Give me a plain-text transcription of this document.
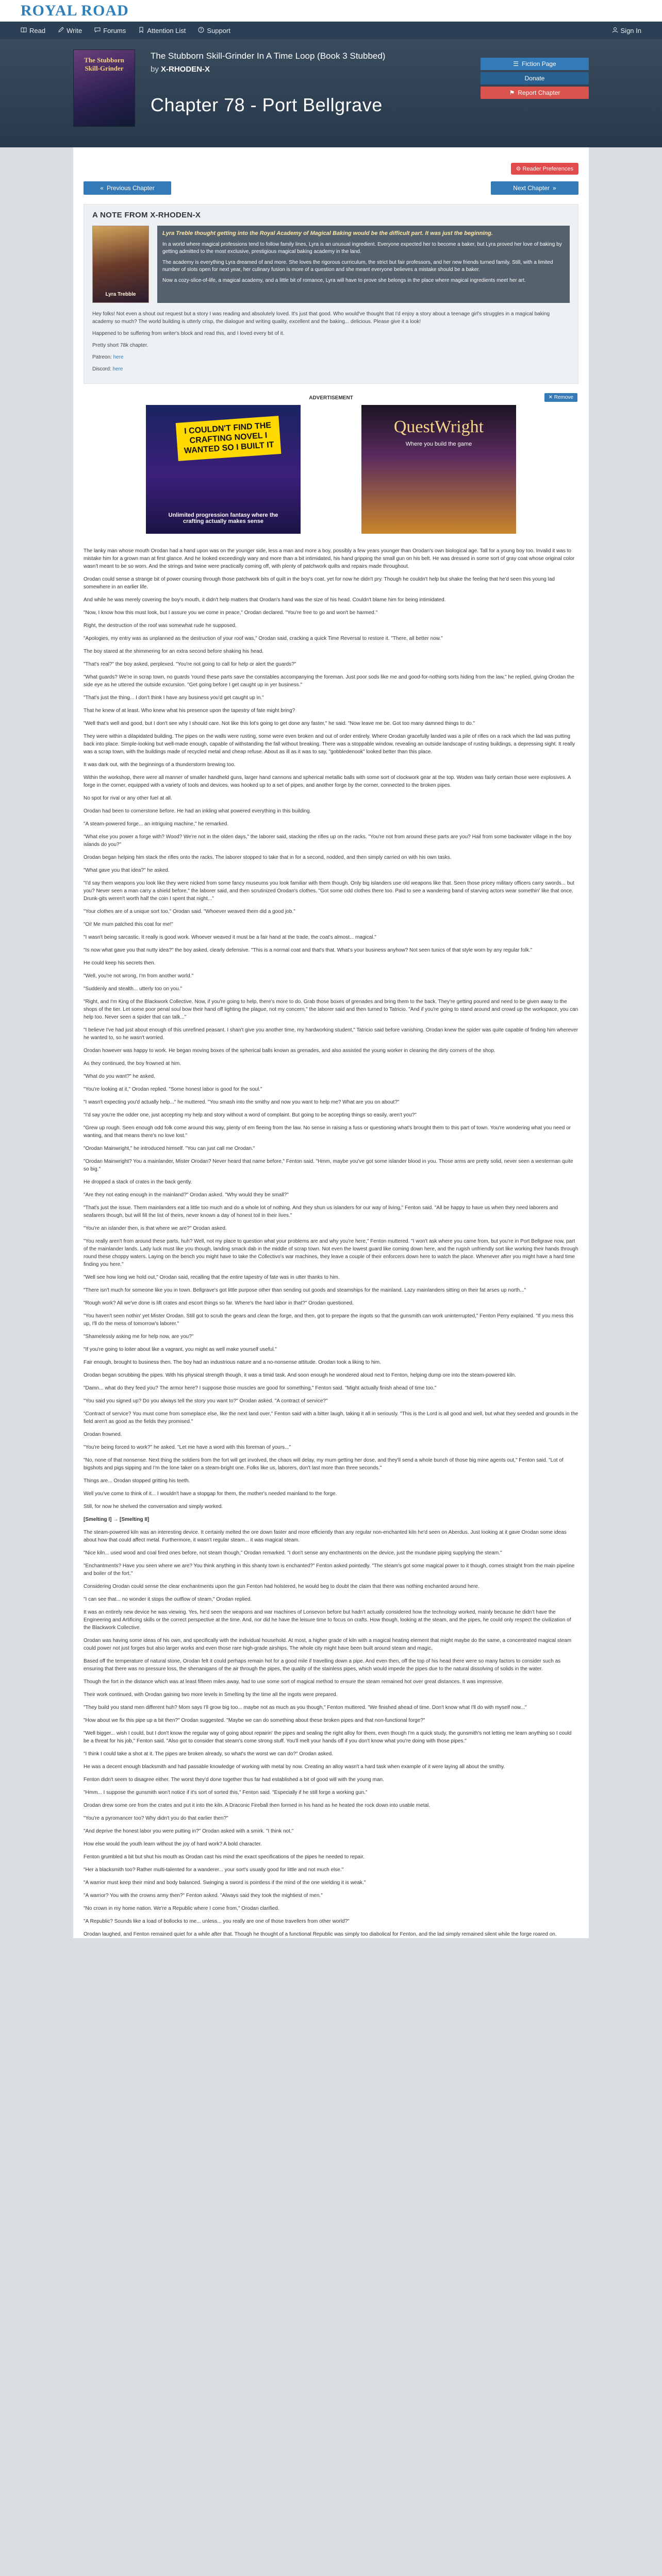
ROYAL ROAD
Read	Write	Forums	Attention List	? Support	Sign In
The Stubborn Skill-Grinder
The Stubborn Skill-Grinder In A Time Loop (Book 3 Stubbed)
by X-RHODEN-X
Chapter 78 - Port Bellgrave
☰ Fiction Page
Donate
⚑ Report Chapter
⚙ Reader Preferences
« Previous Chapter	Next Chapter »
A NOTE FROM X-RHODEN-X
Lyra Trebble

Lyra Treble thought getting into the Royal Academy of Magical Baking would be the difficult part. It was just the beginning.

In a world where magical professions tend to follow family lines, Lyra is an unusual ingredient. Everyone expected her to become a baker, but Lyra proved her love of baking by getting admitted to the most exclusive, prestigious magical baking academy in the land.

The academy is everything Lyra dreamed of and more. She loves the rigorous curriculum, the strict but fair professors, and her new friends turned family. Still, with a limited number of slots open for next year, her culinary fusion is more of a question and she meant everyone believes a mistake should be a baker.

Now a cozy-slice-of-life, a magical academy, and a little bit of romance, Lyra will have to prove she belongs in the place where magical ingredients meet her art.

Hey folks! Not even a shout out request but a story I was reading and absolutely loved. It's just that good. Who would've thought that I'd enjoy a story about a teenage girl's struggles in a magical baking academy so much? The world building is utterly crisp, the dialogue and writing quality, excellent and the baking... delicious. Please give it a look!

Happened to be suffering from writer's block and read this, and I loved every bit of it.

Pretty short 78k chapter.

Patreon: here

Discord: here

ADVERTISEMENT	✕ Remove
I COULDN'T FIND THE CRAFTING NOVEL I WANTED SO I BUILT IT
Unlimited progression fantasy where the crafting actually makes sense
QuestWright
Where you build the game

The lanky man whose mouth Orodan had a hand upon was on the younger side, less a man and more a boy, possibly a few years younger than Orodan's own biological age. Tall for a young boy too. Invalid it was to mistake him for a grown man at first glance. And he looked exceedingly wary and more than a bit intimidated, his hand gripping the small gun on his belt. He was dressed in some sort of gray coat whose original color wasn't meant to be so worn. And the strings and twine were practically coming off, with plenty of patchwork quilts and repairs made throughout.

Orodan could sense a strange bit of power coursing through those patchwork bits of quilt in the boy's coat, yet for now he didn't pry. Though he couldn't help but shake the feeling that he'd seen this young lad somewhere in an earlier life.

And while he was merely covering the boy's mouth, it didn't help matters that Orodan's hand was the size of his head. Couldn't blame him for being intimidated.

"Now, I know how this must look, but I assure you we come in peace," Orodan declared. "You're free to go and won't be harmed."

Right, the destruction of the roof was somewhat rude he supposed.

"Apologies, my entry was as unplanned as the destruction of your roof was," Orodan said, cracking a quick Time Reversal to restore it. "There, all better now."

The boy stared at the shimmering for an extra second before shaking his head.

"That's real?" the boy asked, perplexed. "You're not going to call for help or alert the guards?"

"What guards? We're in scrap town, no guards 'round these parts save the constables accompanying the foreman. Just poor sods like me and good-for-nothing sorts hiding from the law," he replied, giving Orodan the side eye as he uttered the outside excursion. "Get going before I get caught up in yer business."

"That's just the thing... I don't think I have any business you'd get caught up in."

That he knew of at least. Who knew what his presence upon the tapestry of fate might bring?

"Well that's well and good, but I don't see why I should care. Not like this lot's going to get done any faster," he said. "Now leave me be. Got too many damned things to do."

They were within a dilapidated building. The pipes on the walls were rusting, some were even broken and out of order entirely. Where Orodan gracefully landed was a pile of rifles on a rack which the lad was putting back into place. Simple-looking but well-made enough, capable of withstanding the fall without breaking. There was a stoppable window, revealing an outside landscape of rusting buildings, a depressing sight. It really was a scrap town, with the buildings made of recycled metal and cheap refuse. About as ill as it was to say, "gobbledenook" looked better than this place.

It was dark out, with the beginnings of a thunderstorm brewing too.

Within the workshop, there were all manner of smaller handheld guns, larger hand cannons and spherical metallic balls with some sort of clockwork gear at the top. Woden was fairly certain those were explosives. A forge in the corner, equipped with a variety of tools and devices, was hooked up to a set of pipes, and another forge by the corner, connected to the broken pipes.

No spot for rival or any other fuel at all.

Orodan had been to cornerstone before. He had an inkling what powered everything in this building.

"A steam-powered forge... an intriguing machine," he remarked.

"What else you power a forge with? Wood? We're not in the olden days," the laborer said, stacking the rifles up on the racks. "You're not from around these parts are you? Hail from some backwater village in the boy islands do you?"

Orodan began helping him stack the rifles onto the racks. The laborer stopped to take that in for a second, nodded, and then simply carried on with his own tasks.

"What gave you that idea?" he asked.

"I'd say them weapons you look like they were nicked from some fancy museums you look familiar with them though. Only big islanders use old weapons like that. Seen those pricey military officers carry swords... but you? Never seen a man carry a shield before," the laborer said, and then scrutinized Orodan's clothes. "Got some odd clothes there too. Paid to see a wandering band of starving actors wear somethin' like that once. Drunk-gits weren't worth half the coin I spent that night..."

"Your clothes are of a unique sort too," Orodan said. "Whoever weaved them did a good job."

"Oi! Me mum patched this coat for me!"

"I wasn't being sarcastic. It really is good work. Whoever weaved it must be a fair hand at the trade, the coat's almost... magical."

"Is now what gave you that nutty idea?" the boy asked, clearly defensive. "This is a normal coat and that's that. What's your business anyhow? Not seen tunics of that style worn by any regular folk."

He could keep his secrets then.

"Well, you're not wrong, I'm from another world."

"Suddenly and stealth... utterly too on you."

"Right, and I'm King of the Blackwork Collective. Now, if you're going to help, there's more to do. Grab those boxes of grenades and bring them to the back. They're getting poured and need to be given away to the shops of the tier. Let some poor penal soul bow their hand off lighting the plague, not my concern," the laborer said and then turned to Tatricio. "And if you're going to stand around and crowd up the workspace, you can help too. Never seen a spider that can talk..."

"I believe I've had just about enough of this unrefined peasant. I shan't give you another time, my hardworking student," Tatricio said before vanishing. Orodan knew the spider was quite capable of finding him wherever he wanted to, so he wasn't worried.

Orodan however was happy to work. He began moving boxes of the spherical balls known as grenades, and also assisted the young worker in cleaning the dirty corners of the shop.

As they continued, the boy frowned at him.

"What do you want?" he asked.

"You're looking at it," Orodan replied. "Some honest labor is good for the soul."

"I wasn't expecting you'd actually help..." he muttered. "You smash into the smithy and now you want to help me? What are you on about?"

"I'd say you're the odder one, just accepting my help and story without a word of complaint. But going to be accepting things so easily, aren't you?"

"Grew up rough. Seen enough odd folk come around this way, plenty of em fleeing from the law. No sense in raising a fuss or questioning what's brought them to this part of town. You're wondering what you need or wanting, and that means there's no love lost."

"Orodan Mainwright," he introduced himself. "You can just call me Orodan."

"Orodan Mainwright? You a mainlander, Mister Orodan? Never heard that name before," Fenton said. "Hmm, maybe you've got some islander blood in you. Those arms are pretty solid, never seen a westerman quite so big."

He dropped a stack of crates in the back gently.

"Are they not eating enough in the mainland?" Orodan asked. "Why would they be small?"

"That's just the issue. Them mainlanders eat a little too much and do a whole lot of nothing. And they shun us islanders for our way of living," Fenton said. "All be happy to have us when they need laborers and seafarers though, but will fill the list of theirs, never known a day of honest toil in their lives."

"You're an islander then, is that where we are?" Orodan asked.

"You really aren't from around these parts, huh? Well, not my place to question what your problems are and why you're here," Fenton muttered. "I won't ask where you came from, but you're in Port Bellgrave now, part of the mainlander lands. Lady luck must like you though, landing smack dab in the middle of scrap town. Not even the lowest guard like coming down here, and the rugish unfriendly sort like working their hands through round these choppy waters. Laying on the bench you might have to take the Collectivo's war machines, they leave a couple of their enforcers down here to watch the place. Whenever after you might have a hard time finding you here."

"Well see how long we hold out," Orodan said, recalling that the entire tapestry of fate was in utter thanks to him.

"There isn't much for someone like you in town. Bellgrave's got little purpose other than sending out goods and steamships for the mainland. Lazy mainlanders sitting on their fat arses up north..."

"Rough work? All we've done is lift crates and escort things so far. Where's the hard labor in that?" Orodan questioned.

"You haven't seen nothin' yet Mister Orodan. Still got to scrub the gears and clean the forge, and then, got to prepare the ingots so that the gunsmith can work uninterrupted," Fenton Perry explained. "If you mess this up, I'll do the mess of tomorrow's laborer."

"Shamelessly asking me for help now, are you?"

"If you're going to loiter about like a vagrant, you might as well make yourself useful."

Fair enough, brought to business then. The boy had an industrious nature and a no-nonsense attitude. Orodan took a liking to him.

Orodan began scrubbing the pipes. With his physical strength though, it was a timid task. And soon enough he wondered aloud next to Fenton, helping dump ore into the steam-powered kiln.

"Damn... what do they feed you? The armor here? I suppose those muscles are good for something," Fenton said. "Might actually finish ahead of time too."

"You said you signed up? Do you always tell the story you want to?" Orodan asked. "A contract of service?"

"Contract of service? You must come from someplace else, like the next land over," Fenton said with a bitter laugh, taking it all in seriously. "This is the Lord is all good and well, but what they seeded and grounds in the field aren't as good as the fields they promised."

Orodan frowned.

"You're being forced to work?" he asked. "Let me have a word with this foreman of yours..."

"No, none of that nonsense. Next thing the soldiers from the fort will get involved, the chaos will delay, my mum getting her dose, and they'll send a whole bunch of those big mine agents out," Fenton said. "Lot of bigshots and pigs sipping and I'm the lone taker on a steam-bright one. Folks like us, laborers, don't last more than three seconds."

Things are... Orodan stopped gritting his teeth.

Well you've come to think of it... I wouldn't have a stopgap for them, the mother's needed mainland to the forge.

Still, for now he shelved the conversation and simply worked.

[Smelting I] → [Smelting II]

The steam-powered kiln was an interesting device. It certainly melted the ore down faster and more efficiently than any regular non-enchanted kiln he'd seen on Aberdus. Just looking at it gave Orodan some ideas about how that could affect metal. Furthermore, it wasn't regular steam... it was magical steam.

"Nice kiln... used wood and coal fired ones before, not steam though," Orodan remarked. "I don't sense any enchantments on the device, just the mundane piping supplying the steam."

"Enchantments? Have you seen where we are? You think anything in this shanty town is enchanted?" Fenton asked pointedly. "The steam's got some magical power to it though, comes straight from the main pipeline and boiler of the fort."

Considering Orodan could sense the clear enchantments upon the gun Fenton had holstered, he would beg to doubt the claim that there was nothing enchanted around here.

"I can see that... no wonder it stops the outflow of steam," Orodan replied.

It was an entirely new device he was viewing. Yes, he'd seen the weapons and war machines of Lonsevon before but hadn't actually considered how the technology worked, mainly because he didn't have the Engineering and Artificing skills or the correct perspective at the time. And, nor did he have the leisure time to focus on crafts. How though, looking at the steam, and the pipes, he could only respect the civilization of the Blackwork Collective.

Orodan was having some ideas of his own, and specifically with the individual household. At most, a higher grade of kiln with a magical heating element that might maybe do the same, a concentrated magical steam could power not just forges but also larger works and even those rare high-grade airships. The whole city might have been built around steam and magic.

Based off the temperature of natural stone, Orodan felt it could perhaps remain hot for a good mile if travelling down a pipe. And even then, off the top of his head there were so many factors to consider such as ensuring that there was no pressure loss, the shenanigans of the air through the pipes, the quality of the stainless pipes, which would impede the pipes due to the natural dissolving of solids in the water.

Though the fort in the distance which was at least fifteen miles away, had to use some sort of magical method to ensure the steam remained hot over great distances. It was impressive.

Their work continued, with Orodan gaining two more levels in Smelting by the time all the ingots were prepared.

"They build you stand men different huh? Mom says I'll grow big too... maybe not as much as you though," Fenton muttered. "We finished ahead of time. Don't know what I'll do with myself now..."

"How about we fix this pipe up a bit then?" Orodan suggested. "Maybe we can do something about these broken pipes and that non-functional forge?"

"Well bigger... wish I could, but I don't know the regular way of going about repairin' the pipes and sealing the right alloy for them, even though I'm a quick study, the gunsmith's not letting me learn anything so I could be a threat for his job," Fenton said. "Also got to consider that steam's come strong stuff. You'll melt your hands off if you don't know what you're doing with those pipes."

"I think I could take a shot at it. The pipes are broken already, so what's the worst we can do?" Orodan asked.

He was a decent enough blacksmith and had passable knowledge of working with metal by now. Creating an alloy wasn't a hard task when example of it were laying all about the smithy.

Fenton didn't seem to disagree either. The worst they'd done together thus far had established a bit of good will with the young man.

"Hmm... I suppose the gunsmith won't notice if it's sort of sorted this," Fenton said. "Especially if he still forge a working gun."

Orodan drew some ore from the crates and put it into the kiln. A Draconic Fireball then formed in his hand as he heated the rock down into usable metal.

"You're a pyromancer too? Why didn't you do that earlier then?"

"And deprive the honest labor you were putting in?" Orodan asked with a smirk. "I think not."

How else would the youth learn without the joy of hard work? A bold character.

Fenton grumbled a bit but shut his mouth as Orodan cast his mind the exact specifications of the pipes he needed to repair.

"Her a blacksmith too? Rather multi-talented for a wanderer... your sort's usually good for little and not much else."

"A warrior must keep their mind and body balanced. Swinging a sword is pointless if the mind of the one wielding it is weak."

"A warrior? You with the crowns army then?" Fenton asked. "Always said they took the mightiest of men."

"No crown in my home nation. We're a Republic where I come from," Orodan clarified.

"A Republic? Sounds like a load of bollocks to me... unless... you really are one of those travellers from other world?"

Orodan laughed, and Fenton remained quiet for a while after that. Though he thought of a functional Republic was simply too diabolical for Fenton, and the lad simply remained silent while the forge roared on.
